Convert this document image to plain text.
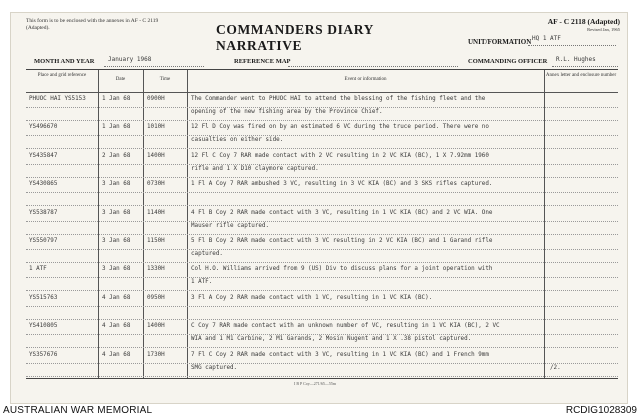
This form is to be enclosed with the annexes in AF - C 2119 (Adapted).	COMMANDERS DIARY NARRATIVE
AF - C 2118 (Adapted)
Revised Jan, 1965
UNIT/FORMATION HQ 1 ATF
MONTH AND YEAR January 1968	REFERENCE MAP	COMMANDING OFFICER R.L. Hughes
Place and grid reference
Date	Time	Event or information
Annex letter and enclosure number
PHUOC HAI YS5153	1 Jan 68	0900H	The Commander went to PHUOC HAI to attend the blessing of the fishing fleet and the
opening of the new fishing area by the Province Chief.
YS496670	1 Jan 68	1010H	12 Fl D Coy was fired on by an estimated 6 VC during the truce period. There were no
casualties on either side.
YS435847	2 Jan 68	1400H	12 Fl C Coy 7 RAR made contact with 2 VC resulting in 2 VC KIA (BC), 1 X 7.92mm 1960
rifle and 1 X D10 claymore captured.
YS430865	3 Jan 68	0730H	1 Fl A Coy 7 RAR ambushed 3 VC, resulting in 3 VC KIA (BC) and 3 SKS rifles captured.
YS538787	3 Jan 68	1140H	4 Fl B Coy 2 RAR made contact with 3 VC, resulting in 1 VC KIA (BC) and 2 VC WIA. One
Mauser rifle captured.
YS550797	3 Jan 68	1150H	5 Fl B Coy 2 RAR made contact with 3 VC resulting in 2 VC KIA (BC) and 1 Garand rifle
captured.
1 ATF	3 Jan 68	1330H	Col H.O. Williams arrived from 9 (US) Div to discuss plans for a joint operation with
1 ATF.
YS515763	4 Jan 68	0950H	3 Fl A Coy 2 RAR made contact with 1 VC, resulting in 1 VC KIA (BC).
YS410805	4 Jan 68	1400H	C Coy 7 RAR made contact with an unknown number of VC, resulting in 1 VC KIA (BC), 2 VC
WIA and 1 M1 Carbine, 2 M1 Garands, 2 Mosin Nugent and 1 X .38 pistol captured.
YS357676	4 Jan 68	1730H	7 Fl C Coy 2 RAR made contact with 3 VC, resulting in 1 VC KIA (BC) and 1 French 9mm
SMG captured.	/2.
I B P Coy—271/65—55m
AUSTRALIAN WAR MEMORIAL	RCDIG1028309
